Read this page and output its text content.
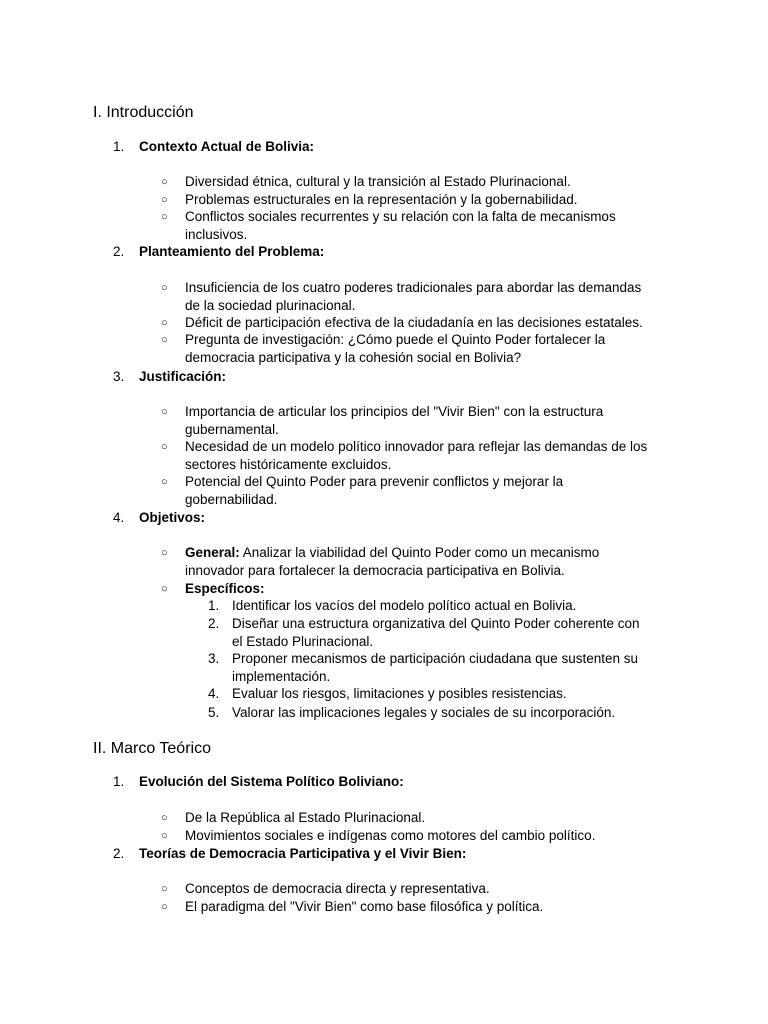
I. Introducción
1.	Contexto Actual de Bolivia:
○ Diversidad étnica, cultural y la transición al Estado Plurinacional.
○ Problemas estructurales en la representación y la gobernabilidad.
○ Conflictos sociales recurrentes y su relación con la falta de mecanismos
inclusivos.
2.	Planteamiento del Problema:
○ Insuficiencia de los cuatro poderes tradicionales para abordar las demandas
de la sociedad plurinacional.
○ Déficit de participación efectiva de la ciudadanía en las decisiones estatales.
○ Pregunta de investigación: ¿Cómo puede el Quinto Poder fortalecer la
democracia participativa y la cohesión social en Bolivia?
3.	Justificación:
○ Importancia de articular los principios del "Vivir Bien" con la estructura
gubernamental.
○ Necesidad de un modelo político innovador para reflejar las demandas de los
sectores históricamente excluidos.
○ Potencial del Quinto Poder para prevenir conflictos y mejorar la
gobernabilidad.
4.	Objetivos:
○ General: Analizar la viabilidad del Quinto Poder como un mecanismo
innovador para fortalecer la democracia participativa en Bolivia.
○ Específicos:
1. Identificar los vacíos del modelo político actual en Bolivia.
2. Diseñar una estructura organizativa del Quinto Poder coherente con
el Estado Plurinacional.
3. Proponer mecanismos de participación ciudadana que sustenten su
implementación.
4. Evaluar los riesgos, limitaciones y posibles resistencias.
5. Valorar las implicaciones legales y sociales de su incorporación.
II. Marco Teórico
1.	Evolución del Sistema Político Boliviano:
○ De la República al Estado Plurinacional.
○ Movimientos sociales e indígenas como motores del cambio político.
2.	Teorías de Democracia Participativa y el Vivir Bien:
○ Conceptos de democracia directa y representativa.
○ El paradigma del "Vivir Bien" como base filosófica y política.
